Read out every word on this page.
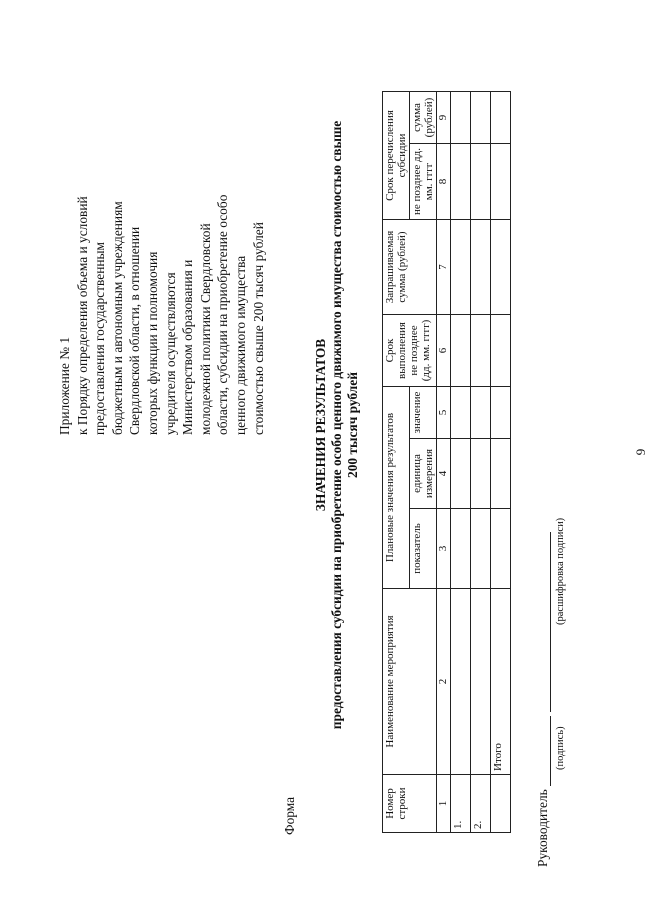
9
Приложение № 1 к Порядку определения объема и условий предоставления государственным бюджетным и автономным учреждениям Свердловской области, в отношении которых функции и полномочия учредителя осуществляются Министерством образования и молодежной политики Свердловской области, субсидии на приобретение особо ценного движимого имущества стоимостью свыше 200 тысяч рублей
Форма
ЗНАЧЕНИЯ РЕЗУЛЬТАТОВ предоставления субсидии на приобретение особо ценного движимого имущества стоимостью свыше 200 тысяч рублей
Номер строки	Наименование мероприятия	Плановые значения результатов			Срок выполнения не позднее (дд. мм. гггг)	Запрашиваемая сумма (рублей)	Срок перечисления субсидии	
		показатель	единица измерения	значение			не позднее дд. мм. гггг	сумма (рублей)
1	2	3	4	5	6	7	8	9
1.								
2.								
	Итого							
Руководитель
(подпись)
(расшифровка подписи)
